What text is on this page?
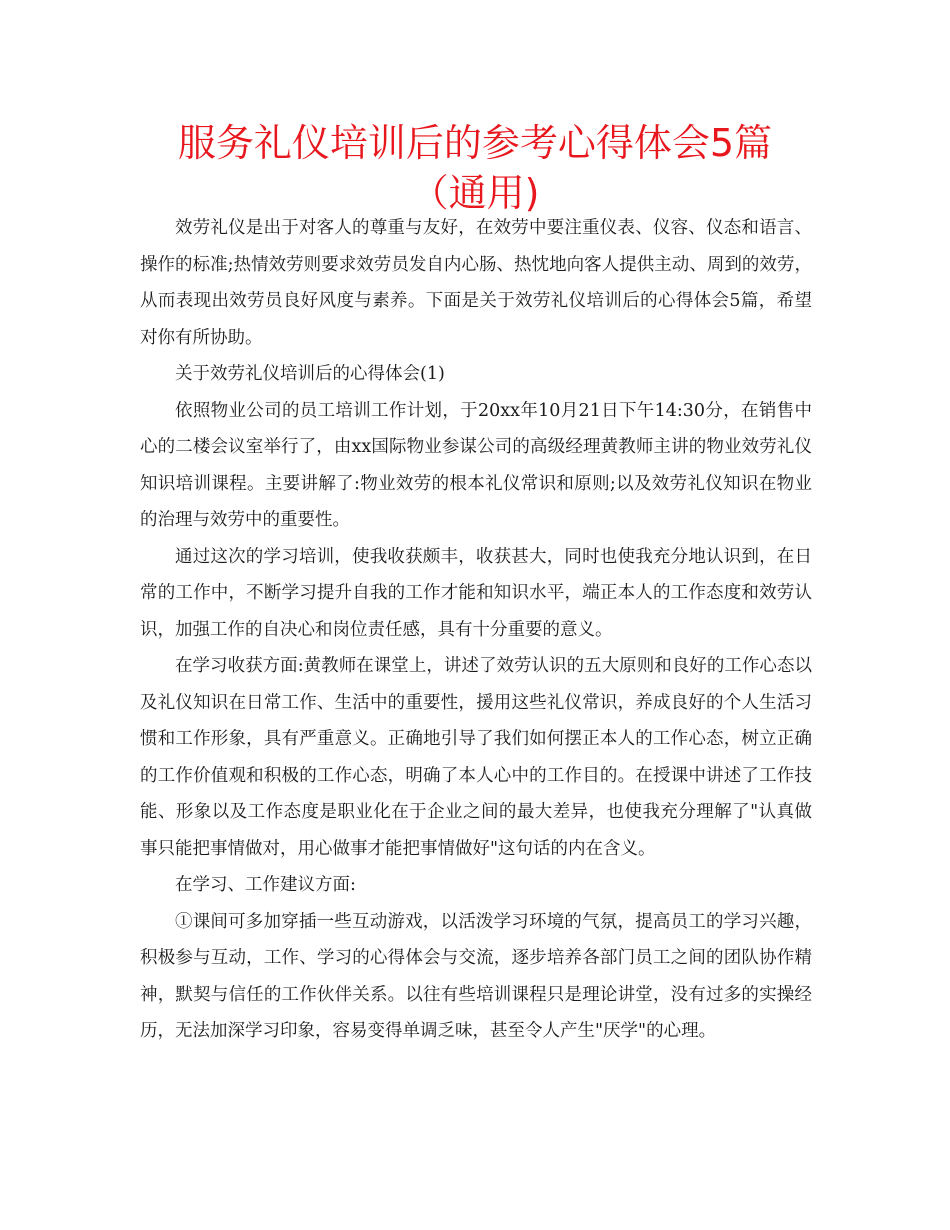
服务礼仪培训后的参考心得体会5篇（通用)

效劳礼仪是出于对客人的尊重与友好，在效劳中要注重仪表、仪容、仪态和语言、操作的标准;热情效劳则要求效劳员发自内心肠、热忱地向客人提供主动、周到的效劳，从而表现出效劳员良好风度与素养。下面是关于效劳礼仪培训后的心得体会5篇，希望对你有所协助。

关于效劳礼仪培训后的心得体会(1)

依照物业公司的员工培训工作计划，于20xx年10月21日下午14:30分，在销售中心的二楼会议室举行了，由xx国际物业参谋公司的高级经理黄教师主讲的物业效劳礼仪知识培训课程。主要讲解了:物业效劳的根本礼仪常识和原则;以及效劳礼仪知识在物业的治理与效劳中的重要性。

通过这次的学习培训，使我收获颇丰，收获甚大，同时也使我充分地认识到，在日常的工作中，不断学习提升自我的工作才能和知识水平，端正本人的工作态度和效劳认识，加强工作的自决心和岗位责任感，具有十分重要的意义。

在学习收获方面:黄教师在课堂上，讲述了效劳认识的五大原则和良好的工作心态以及礼仪知识在日常工作、生活中的重要性，援用这些礼仪常识，养成良好的个人生活习惯和工作形象，具有严重意义。正确地引导了我们如何摆正本人的工作心态，树立正确的工作价值观和积极的工作心态，明确了本人心中的工作目的。在授课中讲述了工作技能、形象以及工作态度是职业化在于企业之间的最大差异，也使我充分理解了"认真做事只能把事情做对，用心做事才能把事情做好"这句话的内在含义。

在学习、工作建议方面:

①课间可多加穿插一些互动游戏，以活泼学习环境的气氛，提高员工的学习兴趣，积极参与互动，工作、学习的心得体会与交流，逐步培养各部门员工之间的团队协作精神，默契与信任的工作伙伴关系。以往有些培训课程只是理论讲堂，没有过多的实操经历，无法加深学习印象，容易变得单调乏味，甚至令人产生"厌学"的心理。
